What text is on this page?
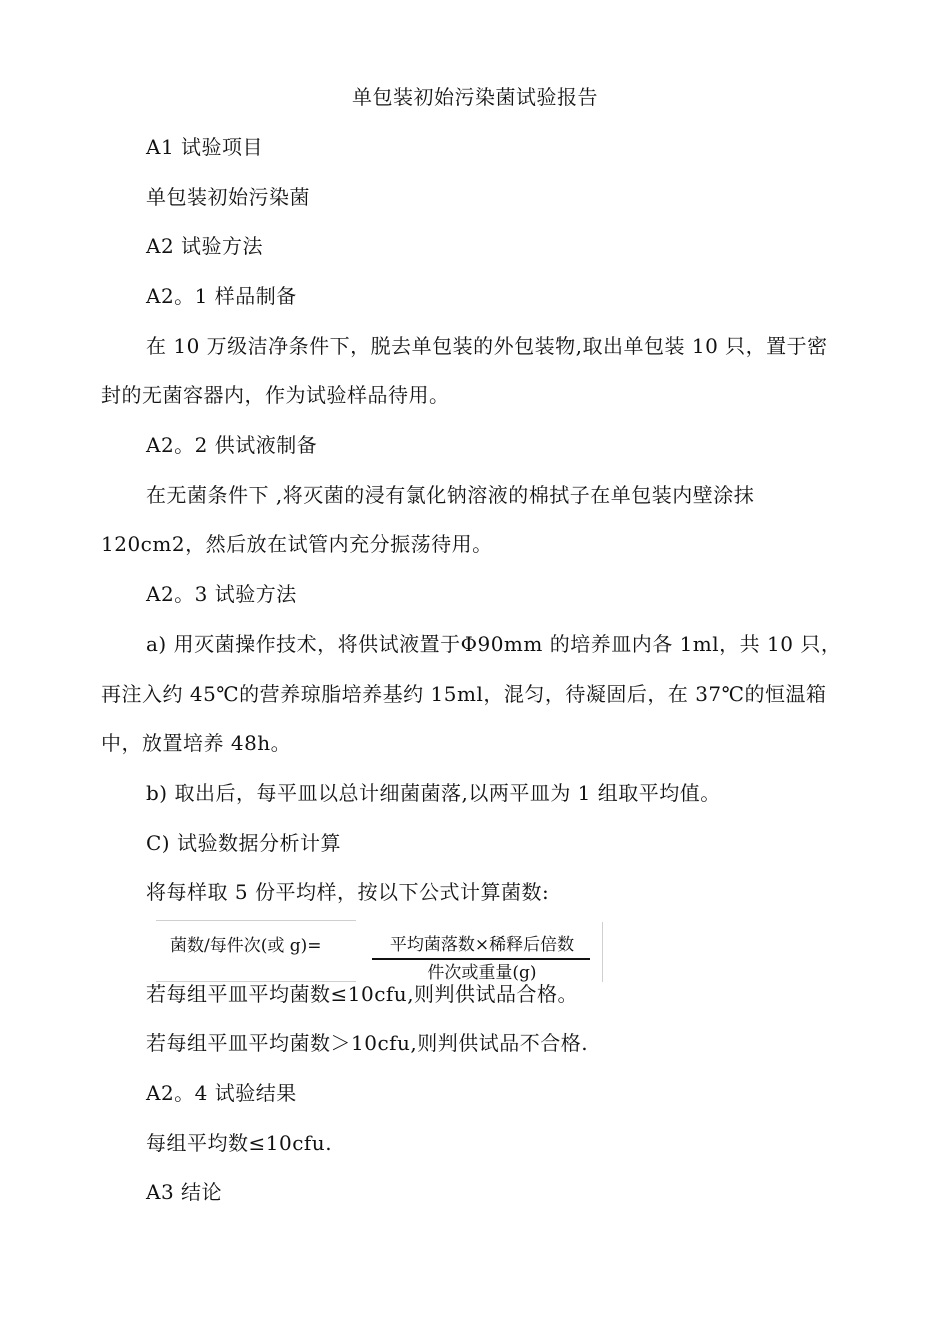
单包装初始污染菌试验报告
A1 试验项目
单包装初始污染菌
A2 试验方法
A2。1 样品制备
在 10 万级洁净条件下，脱去单包装的外包装物,取出单包装 10 只，置于密
封的无菌容器内，作为试验样品待用。
A2。2 供试液制备
在无菌条件下 ,将灭菌的浸有氯化钠溶液的棉拭子在单包装内壁涂抹
120cm2，然后放在试管内充分振荡待用。
A2。3 试验方法
a) 用灭菌操作技术，将供试液置于Φ90mm 的培养皿内各 1ml，共 10 只，
再注入约 45℃的营养琼脂培养基约 15ml，混匀，待凝固后，在 37℃的恒温箱
中，放置培养 48h。
b) 取出后，每平皿以总计细菌菌落,以两平皿为 1 组取平均值。
C) 试验数据分析计算
将每样取 5 份平均样，按以下公式计算菌数:
菌数/每件次(或 g)=	平均菌落数×稀释后倍数
件次或重量(g)
若每组平皿平均菌数≤10cfu,则判供试品合格。
若每组平皿平均菌数＞10cfu,则判供试品不合格.
A2。4 试验结果
每组平均数≤10cfu.
A3 结论
